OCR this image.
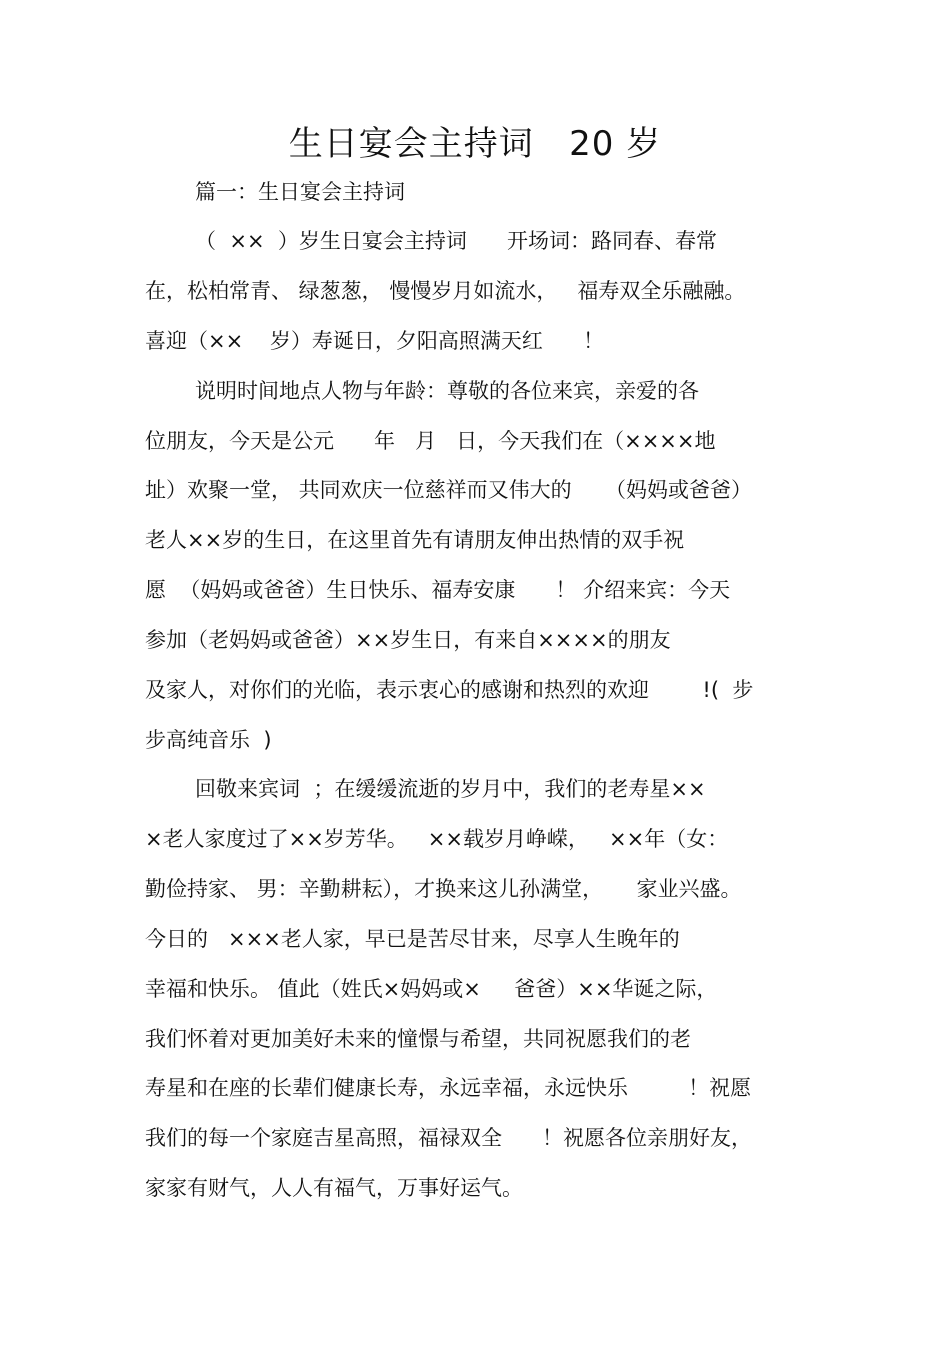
生日宴会主持词   20 岁
篇一：生日宴会主持词
（  ××  ）岁生日宴会主持词      开场词：路同春、春常
在，松柏常青、 绿葱葱， 慢慢岁月如流水，   福寿双全乐融融。
喜迎（××    岁）寿诞日，夕阳高照满天红      ！
说明时间地点人物与年龄：尊敬的各位来宾，亲爱的各
位朋友，今天是公元      年   月   日，今天我们在（××××地
址）欢聚一堂， 共同欢庆一位慈祥而又伟大的     （妈妈或爸爸）
老人××岁的生日，在这里首先有请朋友伸出热情的双手祝
愿  （妈妈或爸爸）生日快乐、福寿安康      ！ 介绍来宾：今天
参加（老妈妈或爸爸）××岁生日，有来自××××的朋友
及家人，对你们的光临，表示衷心的感谢和热烈的欢迎        !(  步
步高纯音乐  )
回敬来宾词  ；在缓缓流逝的岁月中，我们的老寿星××
×老人家度过了××岁芳华。   ××载岁月峥嵘，   ××年（女：
勤俭持家、 男：辛勤耕耘），才换来这儿孙满堂，     家业兴盛。
今日的   ×××老人家，早已是苦尽甘来，尽享人生晚年的
幸福和快乐。 值此（姓氏×妈妈或×     爸爸）××华诞之际，
我们怀着对更加美好未来的憧憬与希望，共同祝愿我们的老
寿星和在座的长辈们健康长寿，永远幸福，永远快乐         ！祝愿
我们的每一个家庭吉星高照，福禄双全      ！祝愿各位亲朋好友，
家家有财气，人人有福气，万事好运气。
